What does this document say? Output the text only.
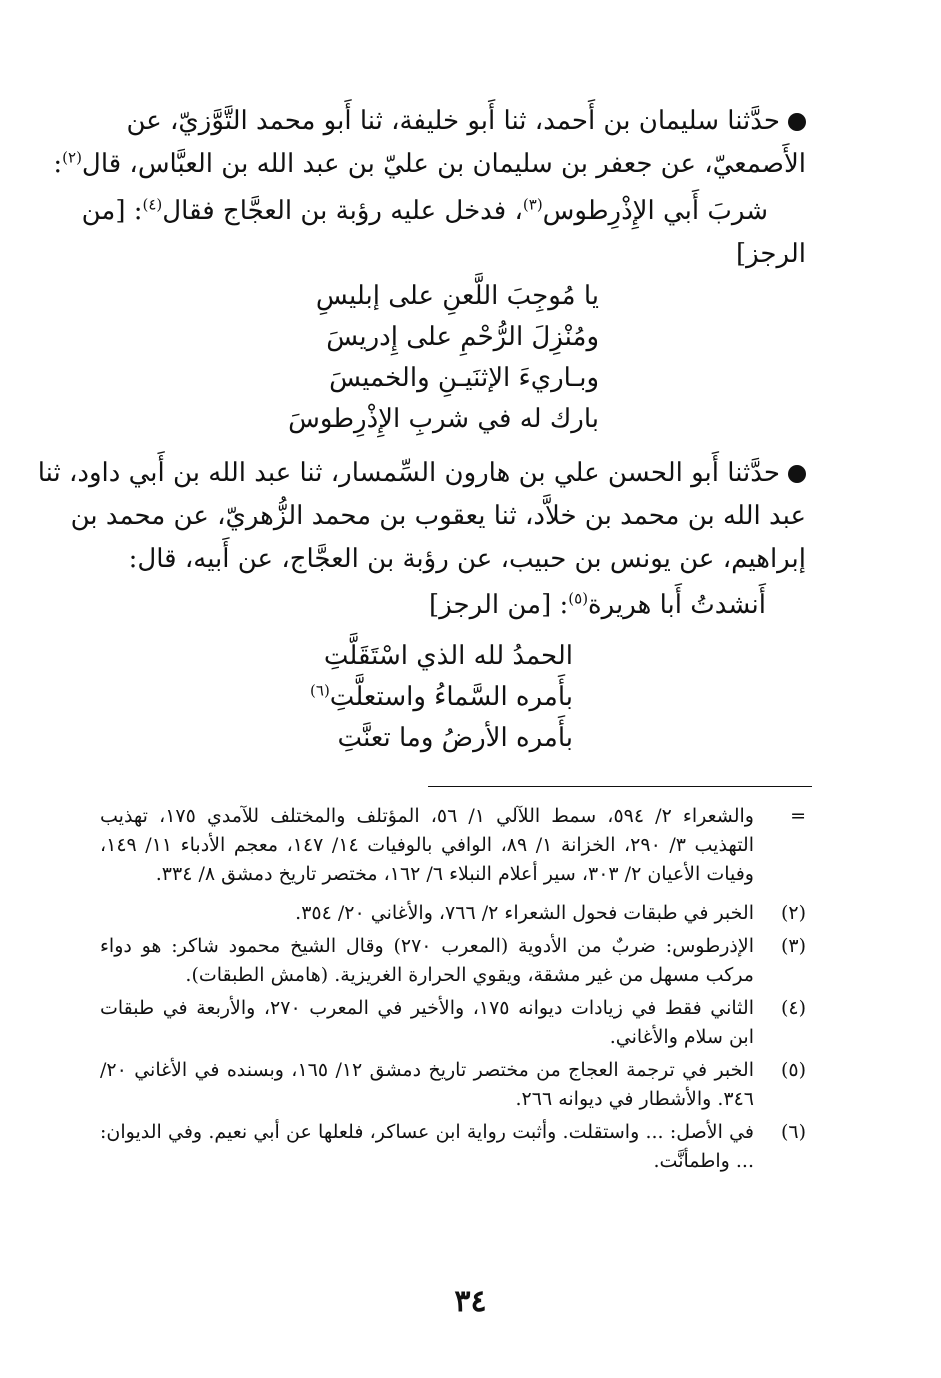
حدَّثنا سليمان بن أَحمد، ثنا أَبو خليفة، ثنا أَبو محمد التَّوَّزيّ، عن
الأَصمعيّ، عن جعفر بن سليمان بن عليّ بن عبد الله بن العبَّاس، قال$^{(٢)}$:
شربَ أَبي الإِذْرِطوس$^{(٣)}$، فدخل عليه رؤبة بن العجَّاج فقال$^{(٤)}$: [من
الرجز]
يا مُوجِبَ اللَّعنِ على إبليسِ
ومُنْزِلَ الرُّحْمِ على إِدريسَ
وبـاريءَ الإثنَيـنِ والخميسَ
بارك له في شربِ الإِذْرِطوسَ
حدَّثنا أَبو الحسن علي بن هارون السِّمسار، ثنا عبد الله بن أَبي داود، ثنا
عبد الله بن محمد بن خلاَّد، ثنا يعقوب بن محمد الزُّهريّ، عن محمد بن
إبراهيم، عن يونس بن حبيب، عن رؤبة بن العجَّاج، عن أَبيه، قال:
أَنشدتُ أَبا هريرة$^{(٥)}$: [من الرجز]
الحمدُ لله الذي اسْتَقَلَّتِ
بأَمره السَّماءُ واستعلَّتِ$^{(٦)}$
بأَمره الأرضُ وما تعنَّتِ
=
والشعراء ٢/ ٥٩٤، سمط اللآلي ١/ ٥٦، المؤتلف والمختلف للآمدي ١٧٥، تهذيب التهذيب ٣/ ٢٩٠، الخزانة ١/ ٨٩، الوافي بالوفيات ١٤/ ١٤٧، معجم الأدباء ١١/ ١٤٩، وفيات الأعيان ٢/ ٣٠٣، سير أعلام النبلاء ٦/ ١٦٢، مختصر تاريخ دمشق ٨/ ٣٣٤.
(٢)
الخبر في طبقات فحول الشعراء ٢/ ٧٦٦، والأغاني ٢٠/ ٣٥٤.
(٣)
الإذرطوس: ضربٌ من الأدوية (المعرب ٢٧٠) وقال الشيخ محمود شاكر: هو دواء مركب مسهل من غير مشقة، ويقوي الحرارة الغريزية. (هامش الطبقات).
(٤)
الثاني فقط في زيادات ديوانه ١٧٥، والأخير في المعرب ٢٧٠، والأربعة في طبقات ابن سلام والأغاني.
(٥)
الخبر في ترجمة العجاج من مختصر تاريخ دمشق ١٢/ ١٦٥، وبسنده في الأغاني ٢٠/ ٣٤٦. والأشطار في ديوانه ٢٦٦.
(٦)
في الأصل: ... واستقلت. وأثبت رواية ابن عساكر، فلعلها عن أبي نعيم. وفي الديوان: ... واطمأنَّت.
٣٤
